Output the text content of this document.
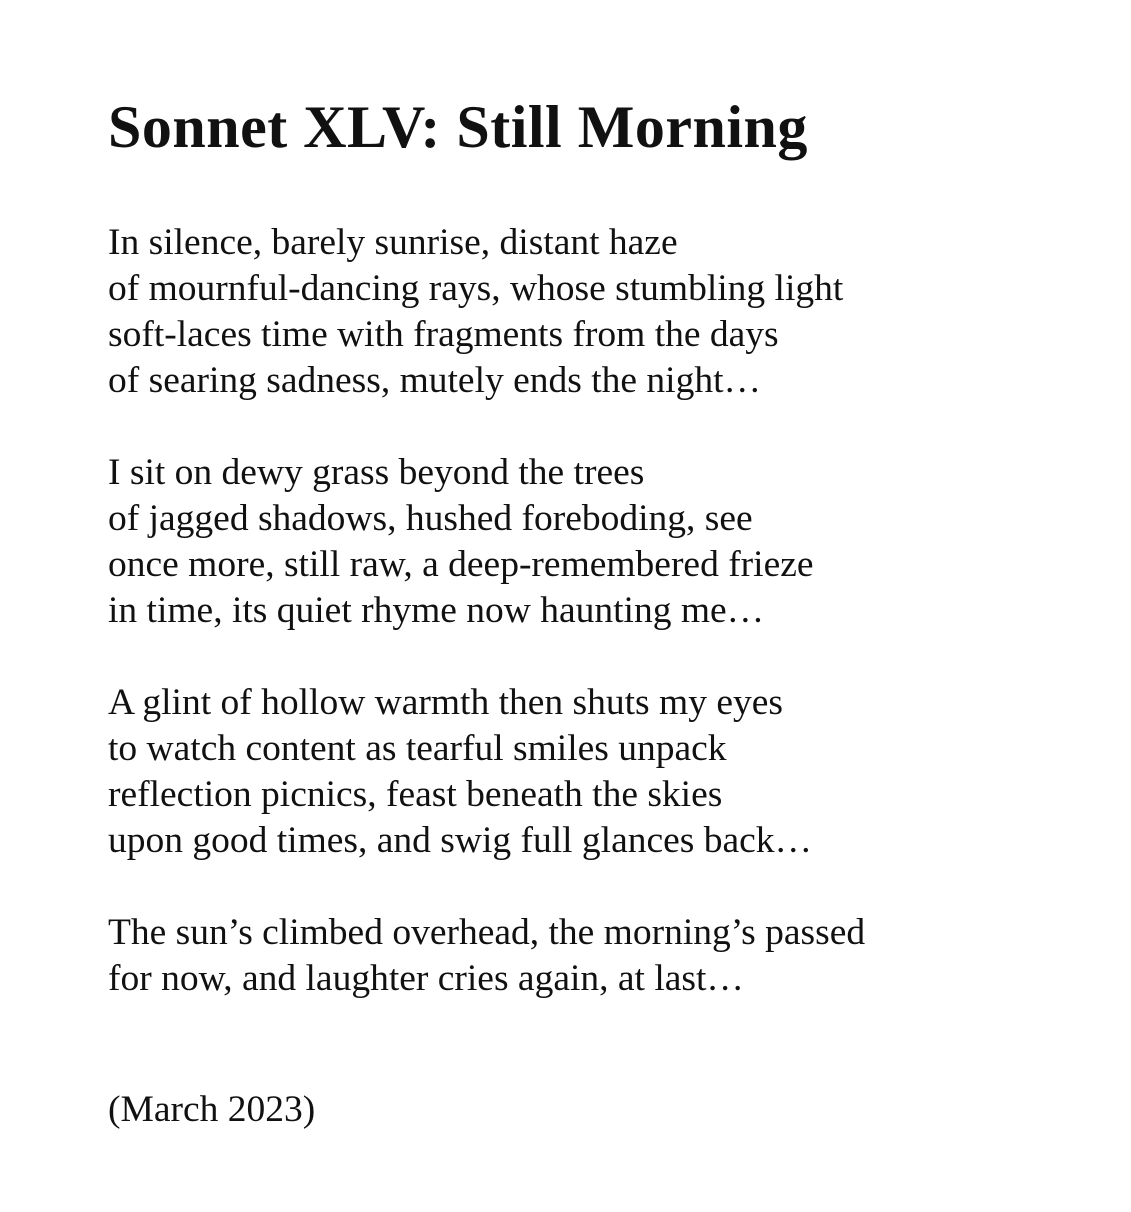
Sonnet XLV: Still Morning
In silence, barely sunrise, distant haze
of mournful-dancing rays, whose stumbling light
soft-laces time with fragments from the days
of searing sadness, mutely ends the night…
I sit on dewy grass beyond the trees
of jagged shadows, hushed foreboding, see
once more, still raw, a deep-remembered frieze
in time, its quiet rhyme now haunting me…
A glint of hollow warmth then shuts my eyes
to watch content as tearful smiles unpack
reflection picnics, feast beneath the skies
upon good times, and swig full glances back…
The sun’s climbed overhead, the morning’s passed
for now, and laughter cries again, at last…
(March 2023)
